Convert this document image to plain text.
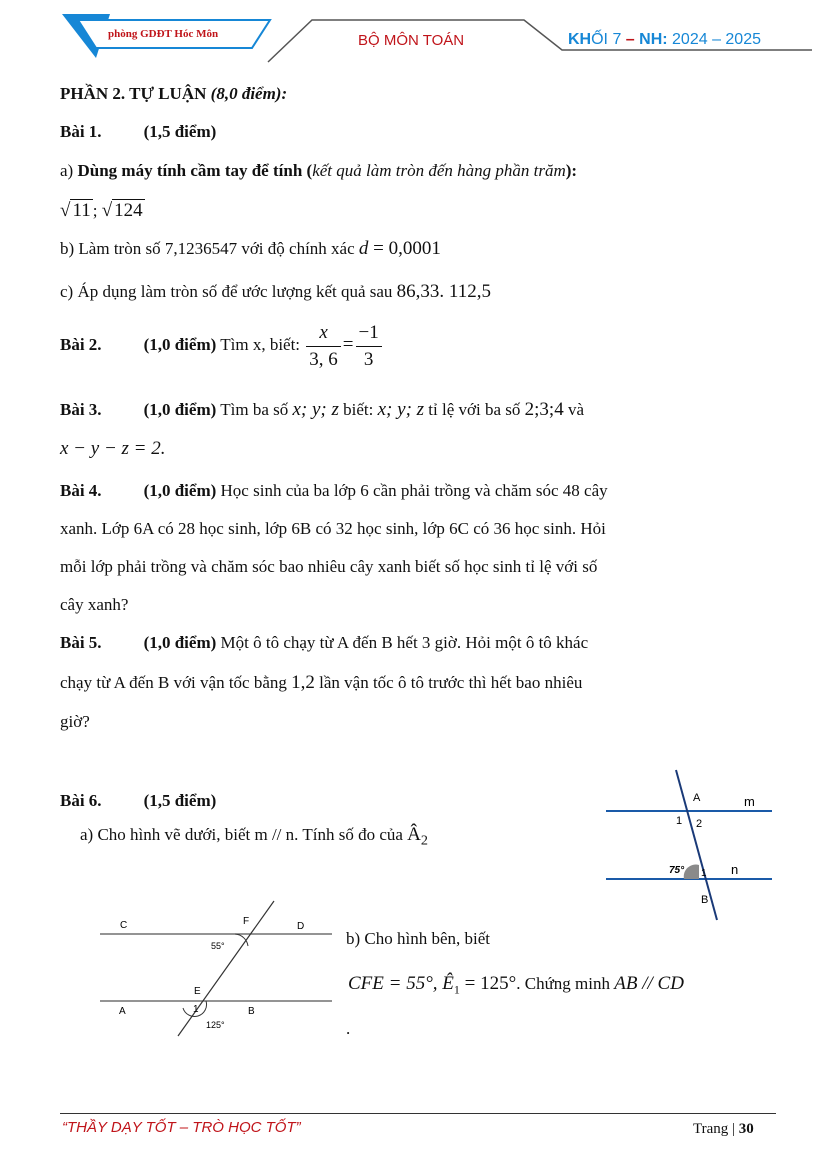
phòng GDĐT Hóc Môn	BỘ MÔN TOÁN	KHỐI 7 – NH: 2024 – 2025
PHẦN 2. TỰ LUẬN (8,0 điểm):
Bài 1. (1,5 điểm)
a) Dùng máy tính cầm tay để tính (kết quả làm tròn đến hàng phần trăm):
√ 11 ; √ 124
b) Làm tròn số 7,1236547 với độ chính xác d = 0,0001
c) Áp dụng làm tròn số để ước lượng kết quả sau 86,33. 112,5
Bài 2. (1,0 điểm) Tìm x, biết: $\frac{x}{3, 6} = \frac{-1}{3}$
Bài 3. (1,0 điểm) Tìm ba số x; y; z biết: x; y; z tỉ lệ với ba số 2;3;4 và
x − y − z = 2.
Bài 4. (1,0 điểm) Học sinh của ba lớp 6 cần phải trồng và chăm sóc 48 cây
xanh. Lớp 6A có 28 học sinh, lớp 6B có 32 học sinh, lớp 6C có 36 học sinh. Hỏi
mỗi lớp phải trồng và chăm sóc bao nhiêu cây xanh biết số học sinh tỉ lệ với số
cây xanh?
Bài 5. (1,0 điểm) Một ô tô chạy từ A đến B hết 3 giờ. Hỏi một ô tô khác
chạy từ A đến B với vận tốc bằng 1,2 lần vận tốc ô tô trước thì hết bao nhiêu
giờ?
Bài 6. (1,5 điểm)
a) Cho hình vẽ dưới, biết m // n. Tính số đo của $Â_2$
A	m
1 2
75° 1 n
B
C	F	D
55°
E
A	1	B
125°
b) Cho hình bên, biết
CFE = 55°, $Ê_1 = 125^\circ$. Chứng minh AB // CD
.
“THẦY DẠY TỐT – TRÒ HỌC TỐT”	Trang | 30
